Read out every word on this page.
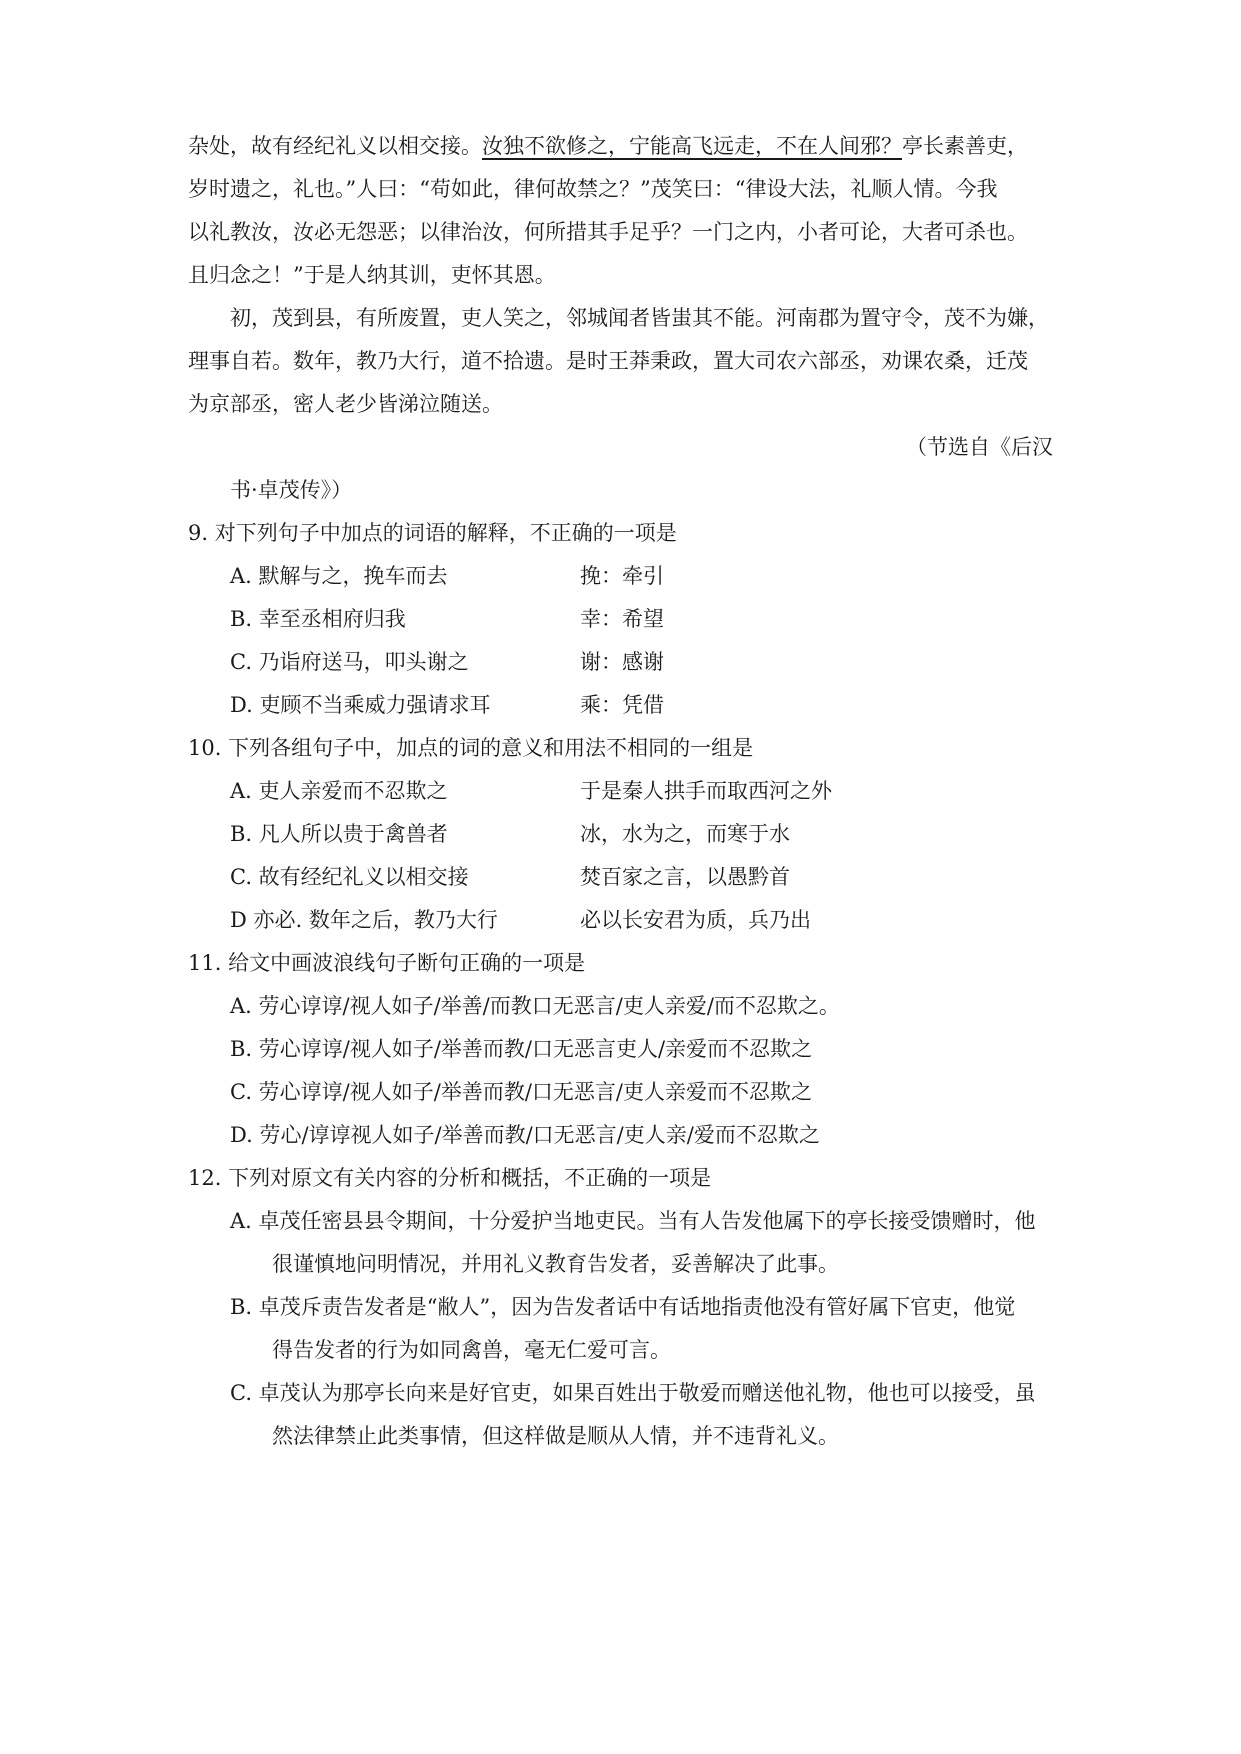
杂处，故有经纪礼义以相交接。汝独不欲修之，宁能高飞远走，不在人间邪？亭长素善吏，
岁时遗之，礼也。”人曰：“苟如此，律何故禁之？”茂笑曰：“律设大法，礼顺人情。今我
以礼教汝，汝必无怨恶；以律治汝，何所措其手足乎？一门之内，小者可论，大者可杀也。
且归念之！”于是人纳其训，吏怀其恩。
初，茂到县，有所废置，吏人笑之，邻城闻者皆蚩其不能。河南郡为置守令，茂不为嫌，
理事自若。数年，教乃大行，道不拾遗。是时王莽秉政，置大司农六部丞，劝课农桑，迁茂
为京部丞，密人老少皆涕泣随送。
（节选自《后汉
书·卓茂传》）
9. 对下列句子中加点的词语的解释，不正确的一项是
A. 默解与之，挽车而去	挽：牵引
B. 幸至丞相府归我	幸：希望
C. 乃诣府送马，叩头谢之	谢：感谢
D. 吏顾不当乘威力强请求耳	乘：凭借
10. 下列各组句子中，加点的词的意义和用法不相同的一组是
A. 吏人亲爱而不忍欺之	于是秦人拱手而取西河之外
B. 凡人所以贵于禽兽者	冰，水为之，而寒于水
C. 故有经纪礼义以相交接	焚百家之言，以愚黔首
D 亦必. 数年之后，教乃大行	必以长安君为质，兵乃出
11. 给文中画波浪线句子断句正确的一项是
A. 劳心谆谆/视人如子/举善/而教口无恶言/吏人亲爱/而不忍欺之。
B. 劳心谆谆/视人如子/举善而教/口无恶言吏人/亲爱而不忍欺之
C. 劳心谆谆/视人如子/举善而教/口无恶言/吏人亲爱而不忍欺之
D. 劳心/谆谆视人如子/举善而教/口无恶言/吏人亲/爱而不忍欺之
12. 下列对原文有关内容的分析和概括，不正确的一项是
A. 卓茂任密县县令期间，十分爱护当地吏民。当有人告发他属下的亭长接受馈赠时，他
很谨慎地问明情况，并用礼义教育告发者，妥善解决了此事。
B. 卓茂斥责告发者是“敝人”，因为告发者话中有话地指责他没有管好属下官吏，他觉
得告发者的行为如同禽兽，毫无仁爱可言。
C. 卓茂认为那亭长向来是好官吏，如果百姓出于敬爱而赠送他礼物，他也可以接受，虽
然法律禁止此类事情，但这样做是顺从人情，并不违背礼义。
